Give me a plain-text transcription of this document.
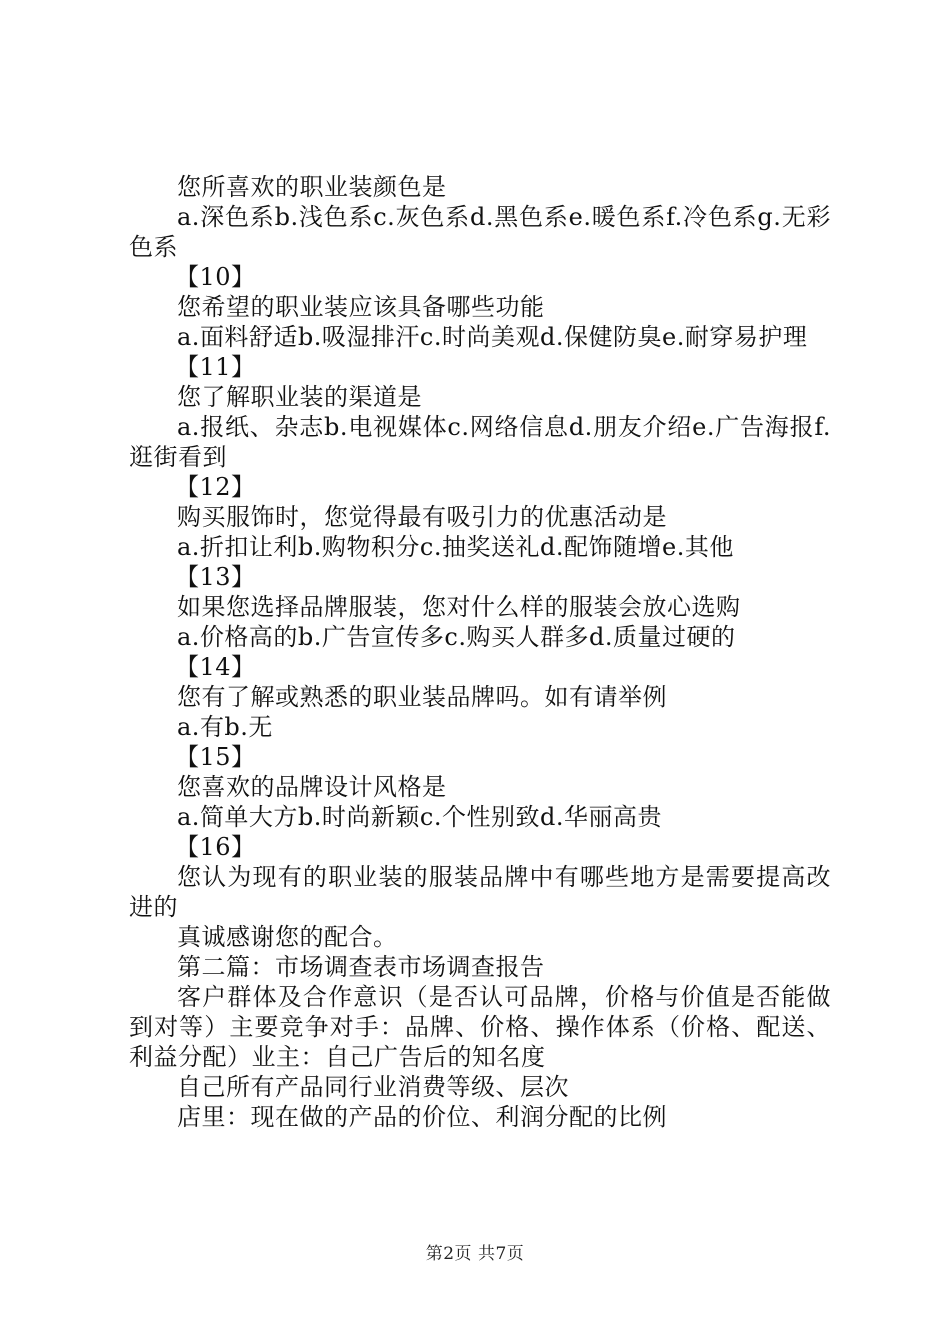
您所喜欢的职业装颜色是
a.深色系b.浅色系c.灰色系d.黑色系e.暖色系f.冷色系g.无彩色系
【10】
您希望的职业装应该具备哪些功能
a.面料舒适b.吸湿排汗c.时尚美观d.保健防臭e.耐穿易护理
【11】
您了解职业装的渠道是
a.报纸、杂志b.电视媒体c.网络信息d.朋友介绍e.广告海报f.逛街看到
【12】
购买服饰时，您觉得最有吸引力的优惠活动是
a.折扣让利b.购物积分c.抽奖送礼d.配饰随增e.其他
【13】
如果您选择品牌服装，您对什么样的服装会放心选购
a.价格高的b.广告宣传多c.购买人群多d.质量过硬的
【14】
您有了解或熟悉的职业装品牌吗。如有请举例
a.有b.无
【15】
您喜欢的品牌设计风格是
a.简单大方b.时尚新颖c.个性别致d.华丽高贵
【16】
您认为现有的职业装的服装品牌中有哪些地方是需要提高改进的
真诚感谢您的配合。
第二篇：市场调查表市场调查报告
客户群体及合作意识（是否认可品牌，价格与价值是否能做到对等）主要竞争对手：品牌、价格、操作体系（价格、配送、利益分配）业主：自己广告后的知名度
自己所有产品同行业消费等级、层次
店里：现在做的产品的价位、利润分配的比例
第2页 共7页
